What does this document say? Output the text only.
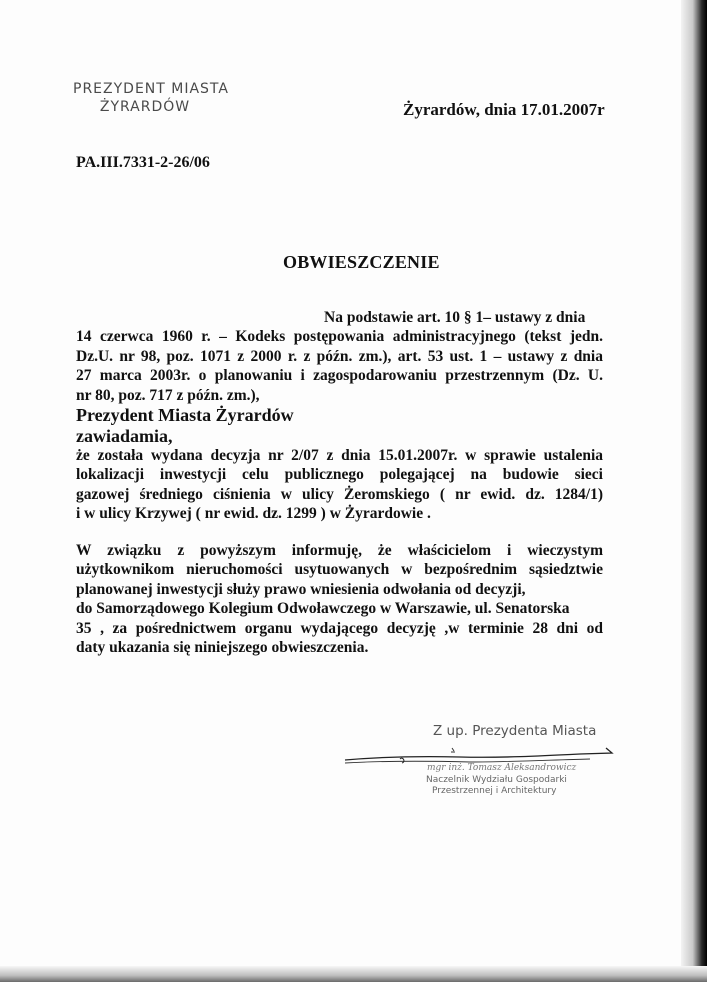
PREZYDENT MIASTA
ŻYRARDÓW	Żyrardów, dnia 17.01.2007r
PA.III.7331-2-26/06
OBWIESZCZENIE
Na podstawie art. 10 § 1– ustawy z dnia
14 czerwca 1960 r. – Kodeks postępowania administracyjnego (tekst jedn.
Dz.U. nr 98, poz. 1071 z 2000 r. z późn. zm.), art. 53 ust. 1 – ustawy z dnia
27 marca 2003r. o planowaniu i zagospodarowaniu przestrzennym (Dz. U.
nr 80, poz. 717 z późn. zm.),
Prezydent Miasta Żyrardów
zawiadamia,
że została wydana decyzja nr 2/07 z dnia 15.01.2007r. w sprawie ustalenia
lokalizacji inwestycji celu publicznego polegającej na budowie sieci
gazowej średniego ciśnienia w ulicy Żeromskiego ( nr ewid. dz. 1284/1)
i w ulicy Krzywej ( nr ewid. dz. 1299 ) w Żyrardowie .
W związku z powyższym informuję, że właścicielom i wieczystym
użytkownikom nieruchomości usytuowanych w bezpośrednim sąsiedztwie
planowanej inwestycji służy prawo wniesienia odwołania od decyzji,
do Samorządowego Kolegium Odwoławczego w Warszawie, ul. Senatorska
35 , za pośrednictwem organu wydającego decyzję ,w terminie 28 dni od
daty ukazania się niniejszego obwieszczenia.
Z up. Prezydenta Miasta
mgr inż. Tomasz Aleksandrowicz
Naczelnik Wydziału Gospodarki
Przestrzennej i Architektury
